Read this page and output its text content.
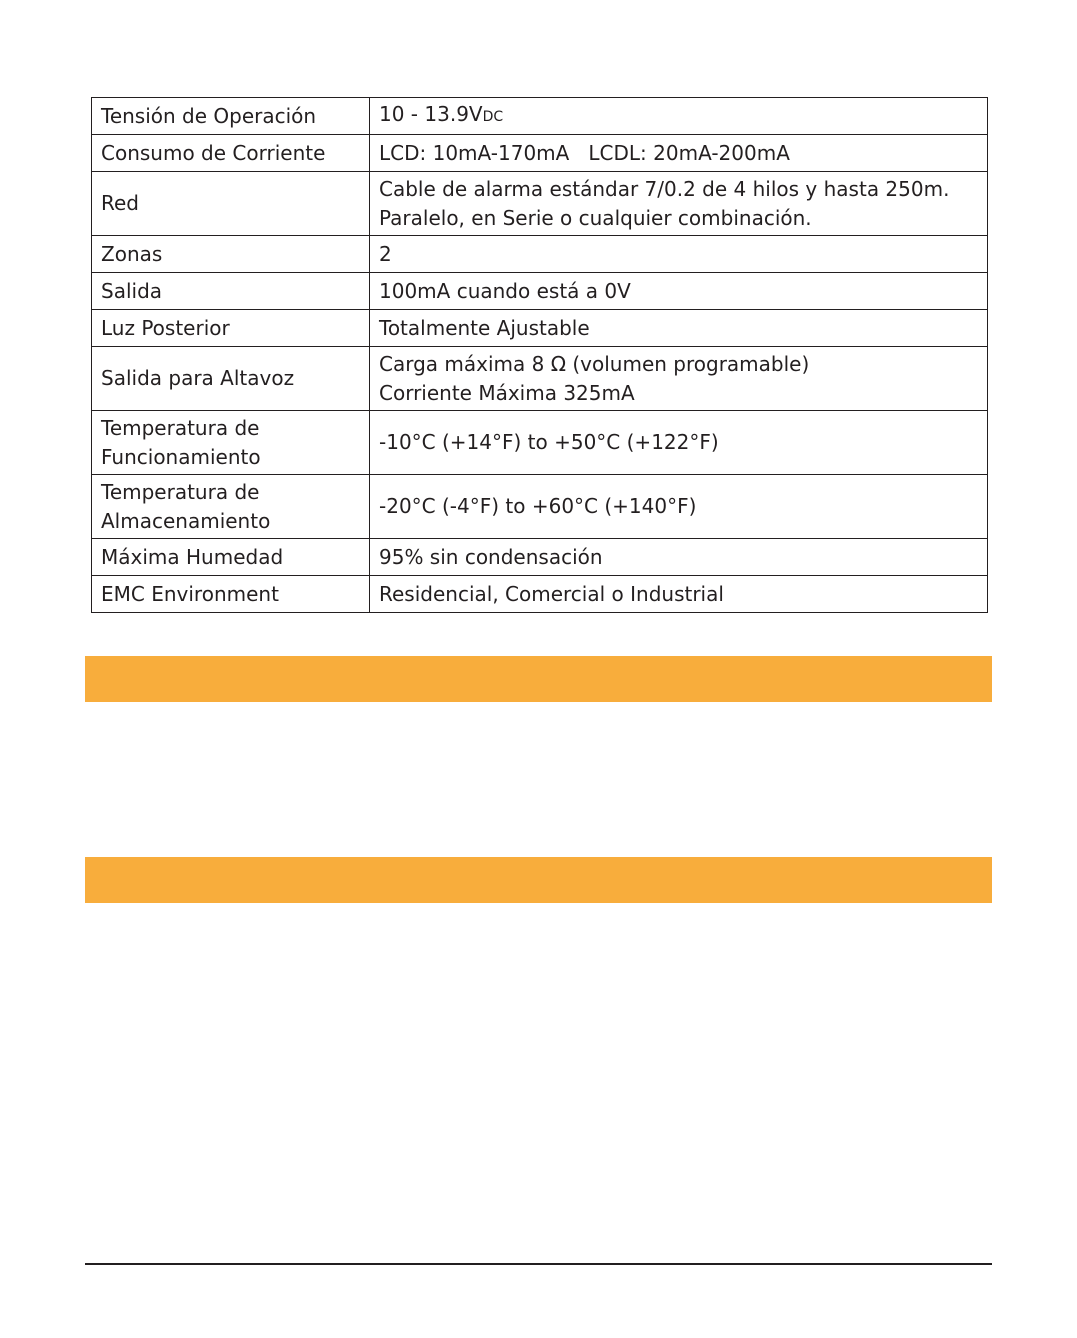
Tensión de Operación	10 - 13.9VDC
Consumo de Corriente	LCD: 10mA-170mA   LCDL: 20mA-200mA
Red	Cable de alarma estándar 7/0.2 de 4 hilos y hasta 250m.
Paralelo, en Serie o cualquier combinación.

Zonas	2
Salida	100mA cuando está a 0V
Luz Posterior	Totalmente Ajustable
Salida para Altavoz	Carga máxima 8 Ω (volumen programable)
Corriente Máxima 325mA

Temperatura de
Funcionamiento	-10°C (+14°F) to +50°C (+122°F)

Temperatura de
Almacenamiento	-20°C (-4°F) to +60°C (+140°F)
Máxima Humedad	95% sin condensación
EMC Environment	Residencial, Comercial o Industrial
